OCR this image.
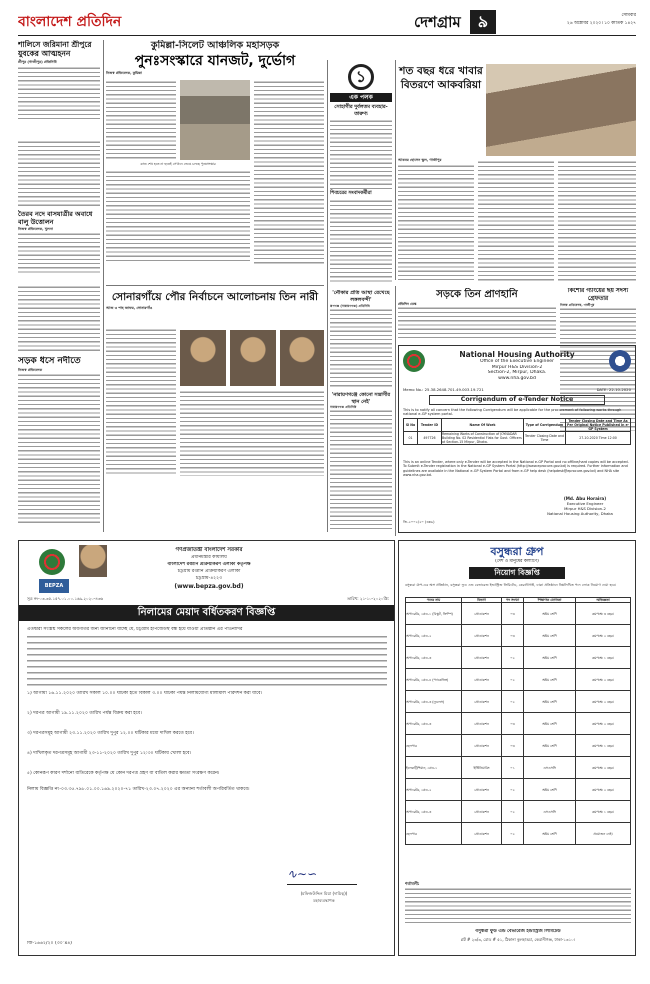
বাংলাদেশ প্রতিদিন	দেশগ্রাম	৯	সোমবার
২৬ অক্টোবর ২০২০। ১০ কার্তিক ১৪২৭
শালিসে জরিমানা শ্রীপুরে যুবকের আত্মহনন
শ্রীপুর (গাজীপুর) প্রতিনিধি
তৈরব নদে বাসযাত্রীর অবাধে বালু উত্তোলন
নিজস্ব প্রতিবেদক, খুলনা
সড়ক ধসে নদীতে
নিজস্ব প্রতিবেদক
কুমিল্লা-সিলেট আঞ্চলিক মহাসড়ক
পুনঃসংস্কারে যানজট, দুর্ভোগ
নিজস্ব প্রতিবেদক, কুমিল্লা
কাজ শেষ হতে না হতেই সেখানে ভেঙে চলছে পুনঃসংস্কার
সোনারগাঁয়ে পৌর নির্বাচনে আলোচনায় তিন নারী
আজ ও শাহ জাফর, সোনারগাঁও
১
এক পলক
সোহাগীর দুর্বলতম ব্যবহার-তারুণ্য
শিবচরের সংবাদকর্মীরা
শত বছর ধরে খাবার বিতরণে আকবরিয়া
আকবর হোসেন স্কুল, গাজীপুর
'নৌকার প্রতি আস্থা রেখেছে লঙ্গলবন্দী'
রূপগঞ্জ (নারায়ণগঞ্জ) প্রতিনিধি
'নারায়ণগঞ্জে কোনো সন্ত্রাসীর স্থান নেই'
নারায়ণগঞ্জ প্রতিনিধি
সড়কে তিন প্রাণহানি
প্রতিদিন ডেস্ক
কিশোর গ্যাংয়ের ছয় সদস্য গ্রেফতার
নিজস্ব প্রতিবেদক, গাজীপুর
National Housing Authority
Office of the Executive Engineer
Mirpur H&S Division-2
Section-2, Mirpur, Dhaka.
www.nha.gov.bd
Memo No.: 25.38.2648.701.49.003.19.721	DATE: 22-10-2020
Corrigendum of e-Tender Notice
This is to notify all concern that the following Corrigendum will be applicable for the procurement of following works through national e-GP system portal.
Sl No	Tender ID	Name Of Work	Type of Corrigendum	Tender Closing Date and Time As Per Original Notice Published in e-GP System
01	497726	Remaining Works of Construction of JOYNADAR Building No. 02 Residential Flats for Govt. Officers at Section-15 Mirpur, Dhaka.	Tender Closing Date and Time	27-10-2020 Time 12:00
This is an online Tender, where only e-Tender will be accepted in the National e-GP Portal and no offline/hard copies will be accepted. To Submit e-Tender registration in the National e-GP System Portal (http://www.eprocure.gov.bd) is required. Further information and guidelines are available in the National e-GP System Portal and from e-GP help desk (helpdesk@eprocure.gov.bd) and NHA site www.nha.gov.bd.
(Md. Abu Horaira)
Executive Engineer
Mirpur H&S Division-2
National Housing Authority, Dhaka
জি-২০০২/২০ (৩x৬)
BEPZA
গণপ্রজাতন্ত্রী বাংলাদেশ সরকার
প্রধানমন্ত্রীর কার্যালয়
বাংলাদেশ রপ্তানি প্রক্রিয়াকরণ এলাকা কর্তৃপক্ষ
চট্টগ্রাম রপ্তানি প্রক্রিয়াকরণ এলাকা
চট্টগ্রাম-৪২২৩
(www.bepza.gov.bd)
সূত্র নং-০৩.৩৫.১৫৭.০১.০০.১৬৯.২০২০-৪৩৬	তারিখ: ২১-১০-২০২০খ্রি:
নিলামের মেয়াদ বর্ধিতকরণ বিজ্ঞপ্তি
এতদ্বারা সংশ্লিষ্ট সকলের অবগতির জন্য জানানো যাচ্ছে যে, চট্টগ্রাম ইপিজেডস্থ বন্ধ হয়ে যাওয়া প্রতিষ্ঠান এর পাওনাদির
১) আগামী ১৬.১১.২০২০ তারিখ সকাল ১০.০০ ঘটিকা হতে বিকাল ৩.০০ ঘটিকা পর্যন্ত নিলামযোগ্য মালামাল পরিদর্শন করা যাবে।
২) দরপত্র আগামী ১৯.১১.২০২০ তারিখ পর্যন্ত বিক্রয় করা হবে।
৩) দরপত্রসমূহ আগামী ২৩.১১.২০২০ তারিখ দুপুর ১২.০০ ঘটিকার মধ্যে দাখিল করতে হবে।
৪) দাখিলকৃত দরপত্রসমূহ আগামী ২৩-১১-২০২০ তারিখ দুপুর ১২:৩০ ঘটিকায় খোলা হবে।
৫) কোনরূপ কারণ দর্শানো ব্যতিরেকে কর্তৃপক্ষ যে কোন দরপত্র গ্রহণ বা বাতিল করার ক্ষমতা সংরক্ষণ করেন।
নিলাম বিজ্ঞপ্তি নং-০৩.৩৫.৭৯৮.০১.০০.১৬৯.২০২০-৭১ তারিখ-২৩.০৭.২০২০ এর অন্যান্য শর্তাবলী অপরিবর্তিত থাকবে।
∿∼∽
(মফিজউদ্দিন মিয়া (দায়িত্ব))
মহাব্যবস্থাপক
জি-১৬৬২/২০ (৩০″x৪)
বসুন্ধরা গ্রুপ
(দেশ ও মানুষের কল্যাণে)
নিয়োগ বিজ্ঞপ্তি
বসুন্ধরা গ্রুপ-এর অঙ্গ প্রতিষ্ঠান, বসুন্ধরা ফুড এন্ড বেভারেজ ইন্ডাস্ট্রিজ লিমিটেড, কেরানীগঞ্জ, ঢাকা প্রতিষ্ঠানে নিম্নলিখিত পদে লোক নিয়োগ দেয়া হবে।
পদের নাম	বিভাগ	পদ সংখ্যা	শিক্ষাগত যোগ্যতা	অভিজ্ঞতা
অপারেটর, গ্রেড-১ (বিস্কুট, ক্রিস্পি)	প্রোডাকশন	০৩	অষ্টম শ্রেণি	কমপক্ষে ৩ বছর।
অপারেটর, গ্রেড-২	প্রোডাকশন	০৩	অষ্টম শ্রেণি	কমপক্ষে ২ বছর।
অপারেটর, গ্রেড-৩	প্রোডাকশন	০২	অষ্টম শ্রেণি	কমপক্ষে ১ বছর।
অপারেটর, গ্রেড-৪ (প্যাকেজিং)	প্রোডাকশন	০২	অষ্টম শ্রেণি	কমপক্ষে ২ বছর।
অপারেটর, গ্রেড-৩ (নুডলস)	প্রোডাকশন	০২	অষ্টম শ্রেণি	কমপক্ষে ২ বছর।
অপারেটর, গ্রেড-৩	প্রোডাকশন	০৩	অষ্টম শ্রেণি	কমপক্ষে ২ বছর।
হেলপার	প্রোডাকশন	০৩	অষ্টম শ্রেণি	কমপক্ষে ১ বছর।
ইলেকট্রিশিয়ান, গ্রেড-১	ইঞ্জিনিয়ারিং	০১	এসএসসি	কমপক্ষে ২ বছর।
অপারেটর, গ্রেড-২	প্রোডাকশন	০২	অষ্টম শ্রেণি	কমপক্ষে ২ বছর।
অপারেটর, গ্রেড-৩	প্রোডাকশন	০২	এসএসসি	কমপক্ষে ১ বছর।
হেলপার	প্রোডাকশন	০২	অষ্টম শ্রেণি	প্রয়োজন নেই।
শর্তাবলী:
বসুন্ধরা ফুড এন্ড বেভারেজ ইন্ডাস্ট্রিজ লিমিটেড
প্লট # ২৩/৩, রোড # ৫১, ঠিকানা কুলহাড্ডা, কেরানীগঞ্জ, ঢাকা-১৩১০।
